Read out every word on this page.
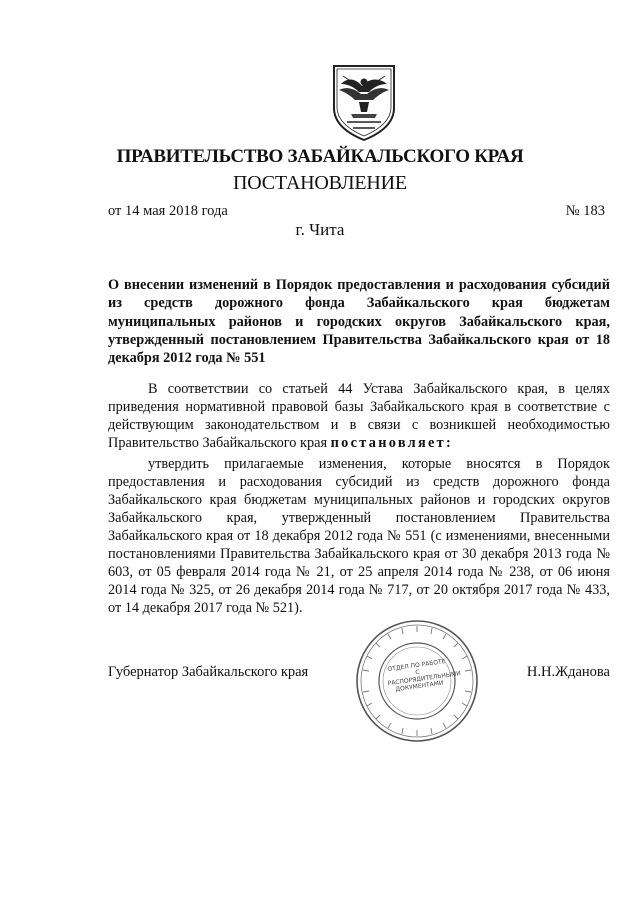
ПРАВИТЕЛЬСТВО ЗАБАЙКАЛЬСКОГО КРАЯ
ПОСТАНОВЛЕНИЕ
от 14 мая 2018 года	№ 183
г. Чита
О внесении изменений в Порядок предоставления и расходования субсидий из средств дорожного фонда Забайкальского края бюджетам муниципальных районов и городских округов Забайкальского края, утвержденный постановлением Правительства Забайкальского края от 18 декабря 2012 года № 551
В соответствии со статьей 44 Устава Забайкальского края, в целях приведения нормативной правовой базы Забайкальского края в соответствие с действующим законодательством и в связи с возникшей необходимостью Правительство Забайкальского края постановляет:
утвердить прилагаемые изменения, которые вносятся в Порядок предоставления и расходования субсидий из средств дорожного фонда Забайкальского края бюджетам муниципальных районов и городских округов Забайкальского края, утвержденный постановлением Правительства Забайкальского края от 18 декабря 2012 года № 551 (с изменениями, внесенными постановлениями Правительства Забайкальского края от 30 декабря 2013 года № 603, от 05 февраля 2014 года № 21, от 25 апреля 2014 года № 238, от 06 июня 2014 года № 325, от 26 декабря 2014 года № 717, от 20 октября 2017 года № 433, от 14 декабря 2017 года № 521).
Губернатор Забайкальского края	Н.Н.Жданова
ОТДЕЛ ПО РАБОТЕ С РАСПОРЯДИТЕЛЬНЫМИ ДОКУМЕНТАМИ
